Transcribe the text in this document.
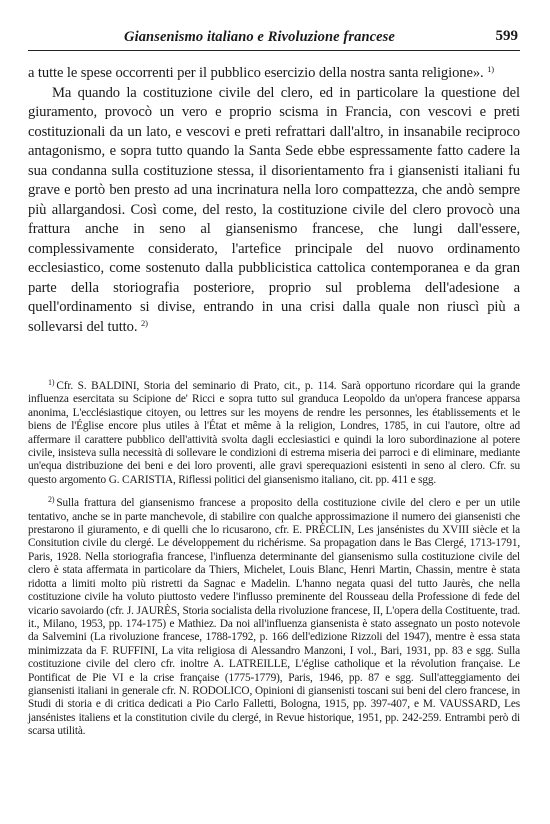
Giansenismo italiano e Rivoluzione francese	599

a tutte le spese occorrenti per il pubblico esercizio della nostra santa religione». $^{1)}$

Ma quando la costituzione civile del clero, ed in particolare la questione del giuramento, provocò un vero e proprio scisma in Francia, con vescovi e preti costituzionali da un lato, e vescovi e preti refrattari dall'altro, in insanabile reciproco antagonismo, e sopra tutto quando la Santa Sede ebbe espressamente fatto cadere la sua condanna sulla costituzione stessa, il disorientamento fra i giansenisti italiani fu grave e portò ben presto ad una incrinatura nella loro compattezza, che andò sempre più allargandosi. Così come, del resto, la costituzione civile del clero provocò una frattura anche in seno al giansenismo francese, che lungi dall'essere, complessivamente considerato, l'artefice principale del nuovo ordinamento ecclesiastico, come sostenuto dalla pubblicistica cattolica contemporanea e da gran parte della storiografia posteriore, proprio sul problema dell'adesione a quell'ordinamento si divise, entrando in una crisi dalla quale non riuscì più a sollevarsi del tutto. $^{2)}$

$^{1)}$ Cfr. S. BALDINI, Storia del seminario di Prato, cit., p. 114. Sarà opportuno ricordare qui la grande influenza esercitata su Scipione de' Ricci e sopra tutto sul granduca Leopoldo da un'opera francese apparsa anonima, L'ecclésiastique citoyen, ou lettres sur les moyens de rendre les personnes, les établissements et le biens de l'Église encore plus utiles à l'État et même à la religion, Londres, 1785, in cui l'autore, oltre ad affermare il carattere pubblico dell'attività svolta dagli ecclesiastici e quindi la loro subordinazione al potere civile, insisteva sulla necessità di sollevare le condizioni di estrema miseria dei parroci e di eliminare, mediante un'equa distribuzione dei beni e dei loro proventi, alle gravi sperequazioni esistenti in seno al clero. Cfr. su questo argomento G. CARISTIA, Riflessi politici del giansenismo italiano, cit. pp. 411 e sgg.

$^{2)}$ Sulla frattura del giansenismo francese a proposito della costituzione civile del clero e per un utile tentativo, anche se in parte manchevole, di stabilire con qualche approssimazione il numero dei giansenisti che prestarono il giuramento, e di quelli che lo ricusarono, cfr. E. PRÉCLIN, Les jansénistes du XVIII siècle et la Consitution civile du clergé. Le développement du richérisme. Sa propagation dans le Bas Clergé, 1713-1791, Paris, 1928. Nella storiografia francese, l'influenza determinante del giansenismo sulla costituzione civile del clero è stata affermata in particolare da Thiers, Michelet, Louis Blanc, Henri Martin, Chassin, mentre è stata ridotta a limiti molto più ristretti da Sagnac e Madelin. L'hanno negata quasi del tutto Jaurès, che nella costituzione civile ha voluto piuttosto vedere l'influsso preminente del Rousseau della Professione di fede del vicario savoiardo (cfr. J. JAURÈS, Storia socialista della rivoluzione francese, II, L'opera della Costituente, trad. it., Milano, 1953, pp. 174-175) e Mathiez. Da noi all'influenza giansenista è stato assegnato un posto notevole da Salvemini (La rivoluzione francese, 1788-1792, p. 166 dell'edizione Rizzoli del 1947), mentre è essa stata minimizzata da F. RUFFINI, La vita religiosa di Alessandro Manzoni, I vol., Bari, 1931, pp. 83 e sgg. Sulla costituzione civile del clero cfr. inoltre A. LATREILLE, L'église catholique et la révolution française. Le Pontificat de Pie VI e la crise française (1775-1779), Paris, 1946, pp. 87 e sgg. Sull'atteggiamento dei giansenisti italiani in generale cfr. N. RODOLICO, Opinioni di giansenisti toscani sui beni del clero francese, in Studi di storia e di critica dedicati a Pio Carlo Falletti, Bologna, 1915, pp. 397-407, e M. VAUSSARD, Les jansénistes italiens et la constitution civile du clergé, in Revue historique, 1951, pp. 242-259. Entrambi però di scarsa utilità.
